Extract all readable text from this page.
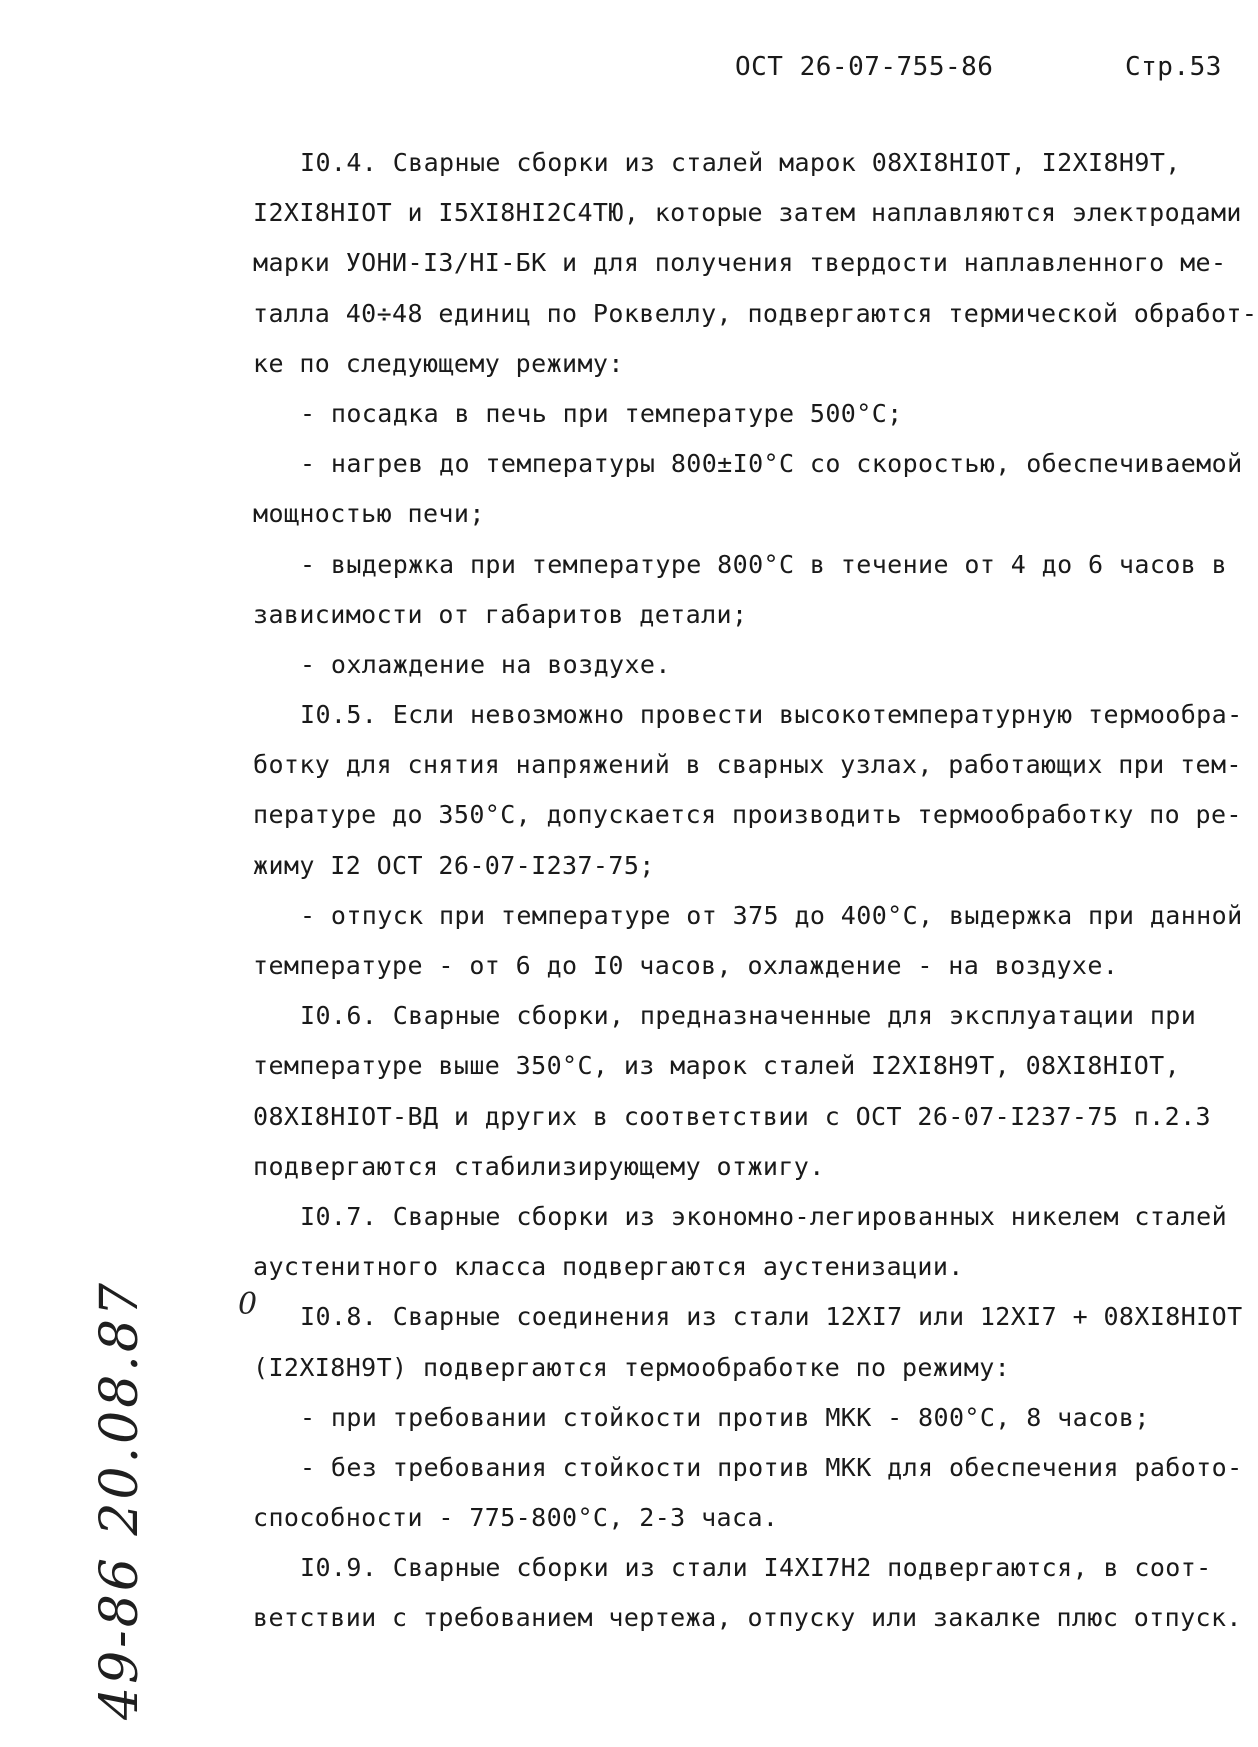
ОСТ 26-07-755-86	Стр.53
I0.4. Сварные сборки из сталей марок 08XI8HIOT, I2XI8H9T,
I2XI8HIOT и I5XI8HI2C4TЮ, которые затем наплавляются электродами
марки УОНИ-I3/HI-БК и для получения твердости наплавленного ме-
талла 40÷48 единиц по Роквеллу, подвергаются термической обработ-
ке по следующему режиму:
- посадка в печь при температуре 500°C;
- нагрев до температуры 800±I0°C со скоростью, обеспечиваемой
мощностью печи;
- выдержка при температуре 800°C в течение от 4 до 6 часов в
зависимости от габаритов детали;
- охлаждение на воздухе.
I0.5. Если невозможно провести высокотемпературную термообра-
ботку для снятия напряжений в сварных узлах, работающих при тем-
пературе до 350°C, допускается производить термообработку по ре-
жиму I2 ОСТ 26-07-I237-75;
- отпуск при температуре от 375 до 400°C, выдержка при данной
температуре - от 6 до I0 часов, охлаждение - на воздухе.
I0.6. Сварные сборки, предназначенные для эксплуатации при
температуре выше 350°C, из марок сталей I2XI8H9T, 08XI8HIOT,
08XI8HIOT-ВД и других в соответствии с ОСТ 26-07-I237-75 п.2.3
подвергаются стабилизирующему отжигу.
I0.7. Сварные сборки из экономно-легированных никелем сталей
аустенитного класса подвергаются аустенизации.
I0.8. Сварные соединения из стали 12XI7 или 12XI7 + 08XI8HIOT
(I2XI8H9T) подвергаются термообработке по режиму:
- при требовании стойкости против МКК - 800°C, 8 часов;
- без требования стойкости против МКК для обеспечения работо-
способности - 775-800°C, 2-3 часа.
I0.9. Сварные сборки из стали I4XI7H2 подвергаются, в соот-
ветствии с требованием чертежа, отпуску или закалке плюс отпуск.
0
49-86 20.08.87
